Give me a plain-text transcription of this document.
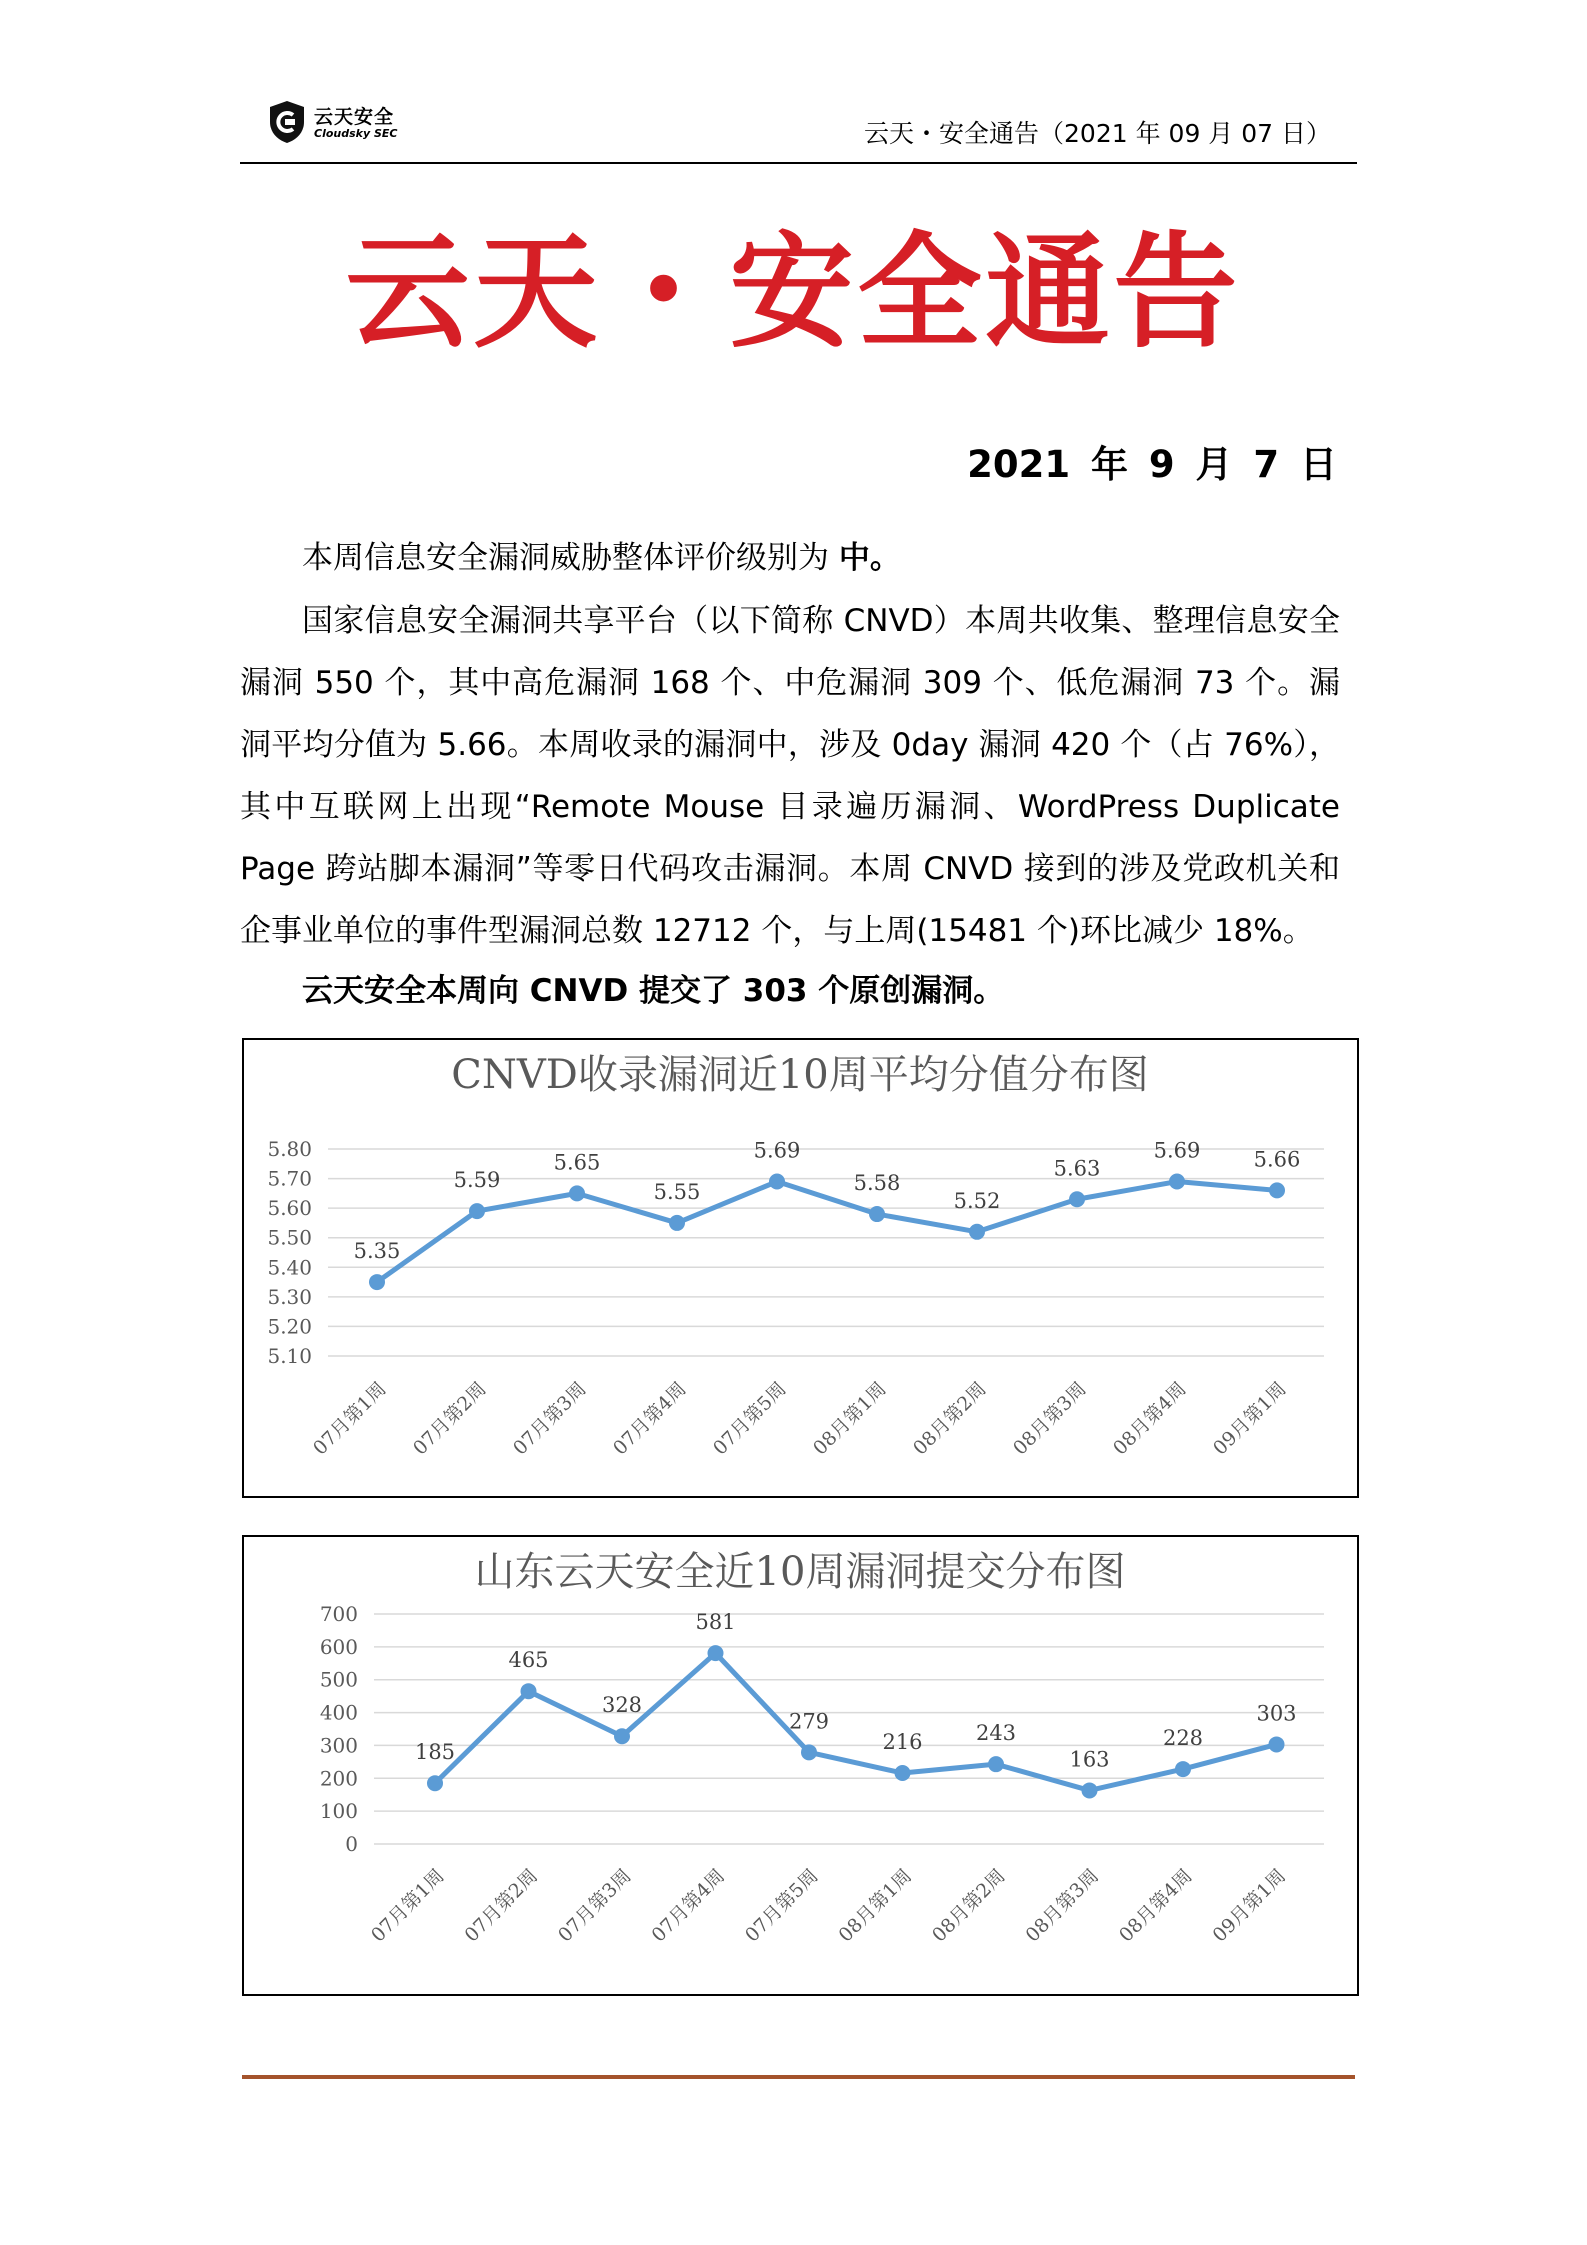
云天安全
Cloudsky SEC	云天・安全通告（2021 年 09 月 07 日）
云天・安全通告
2021 年 9 月 7 日
本周信息安全漏洞威胁整体评价级别为 中。
国家信息安全漏洞共享平台（以下简称 CNVD）本周共收集、整理信息安全漏洞 550 个，其中高危漏洞 168 个、中危漏洞 309 个、低危漏洞 73 个。漏洞平均分值为 5.66。本周收录的漏洞中，涉及 0day 漏洞 420 个（占 76%），其中互联网上出现“Remote Mouse 目录遍历漏洞、WordPress Duplicate Page 跨站脚本漏洞”等零日代码攻击漏洞。本周 CNVD 接到的涉及党政机关和企事业单位的事件型漏洞总数 12712 个，与上周(15481 个)环比减少 18%。
云天安全本周向 CNVD 提交了 303 个原创漏洞。
CNVD收录漏洞近10周平均分值分布图
5.10
5.20
5.30
5.40
5.50
5.60
5.70
5.80
5.35
07月第1周
5.59
07月第2周
5.65
07月第3周
5.55
07月第4周
5.69
07月第5周
5.58
08月第1周
5.52
08月第2周
5.63
08月第3周
5.69
08月第4周
5.66
09月第1周
山东云天安全近10周漏洞提交分布图
0
100
200
300
400
500
600
700
185
07月第1周
465
07月第2周
328
07月第3周
581
07月第4周
279
07月第5周
216
08月第1周
243
08月第2周
163
08月第3周
228
08月第4周
303
09月第1周
